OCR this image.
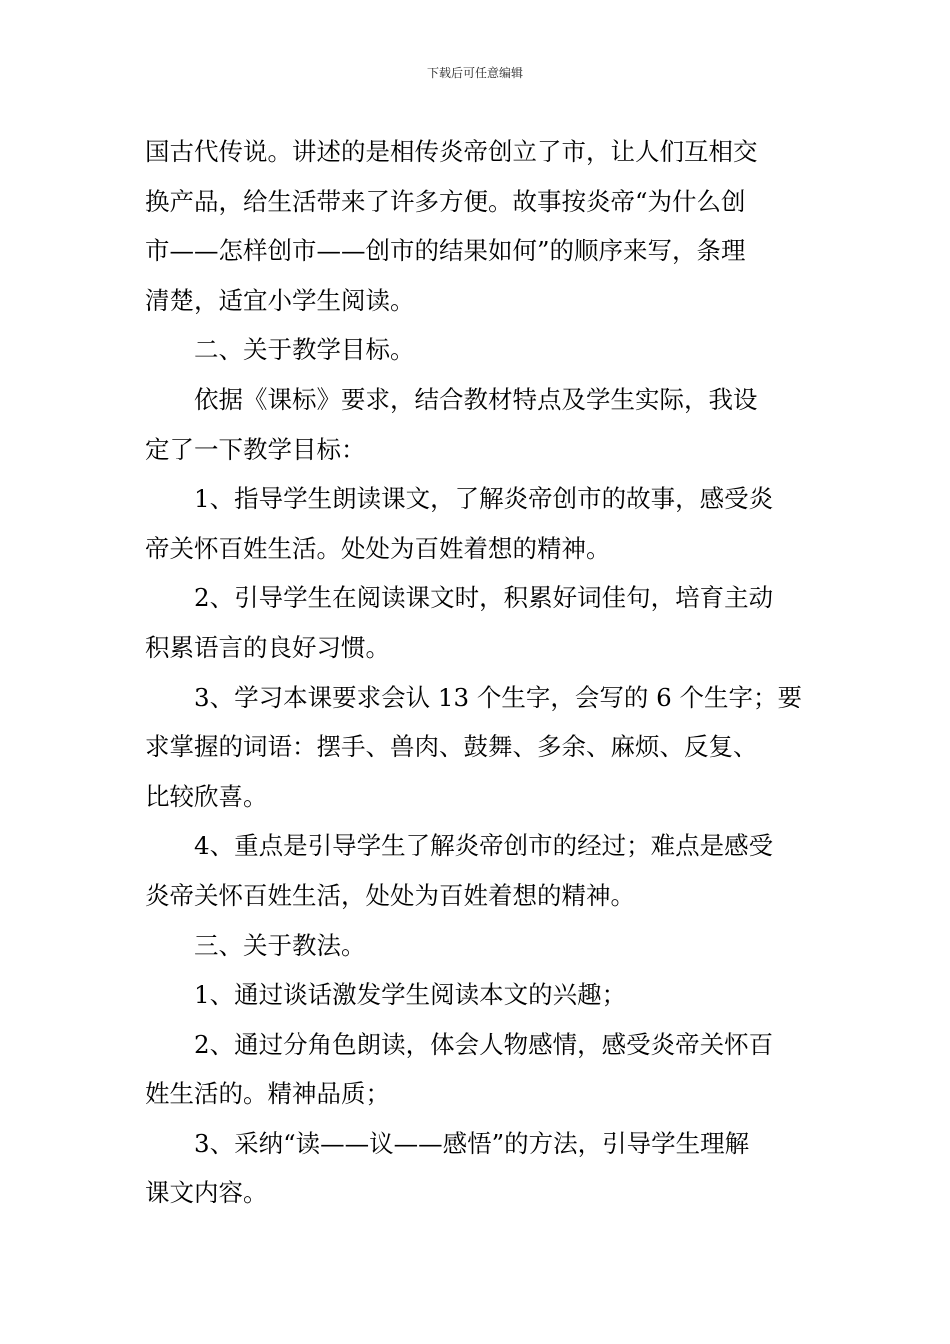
下载后可任意编辑
国古代传说。讲述的是相传炎帝创立了市，让人们互相交
换产品，给生活带来了许多方便。故事按炎帝“为什么创
市——怎样创市——创市的结果如何”的顺序来写，条理
清楚，适宜小学生阅读。
二、关于教学目标。
依据《课标》要求，结合教材特点及学生实际，我设
定了一下教学目标：
1、指导学生朗读课文，了解炎帝创市的故事，感受炎
帝关怀百姓生活。处处为百姓着想的精神。
2、引导学生在阅读课文时，积累好词佳句，培育主动
积累语言的良好习惯。
3、学习本课要求会认 13 个生字，会写的 6 个生字；要
求掌握的词语：摆手、兽肉、鼓舞、多余、麻烦、反复、
比较欣喜。
4、重点是引导学生了解炎帝创市的经过；难点是感受
炎帝关怀百姓生活，处处为百姓着想的精神。
三、关于教法。
1、通过谈话激发学生阅读本文的兴趣；
2、通过分角色朗读，体会人物感情，感受炎帝关怀百
姓生活的。精神品质；
3、采纳“读——议——感悟”的方法，引导学生理解
课文内容。
